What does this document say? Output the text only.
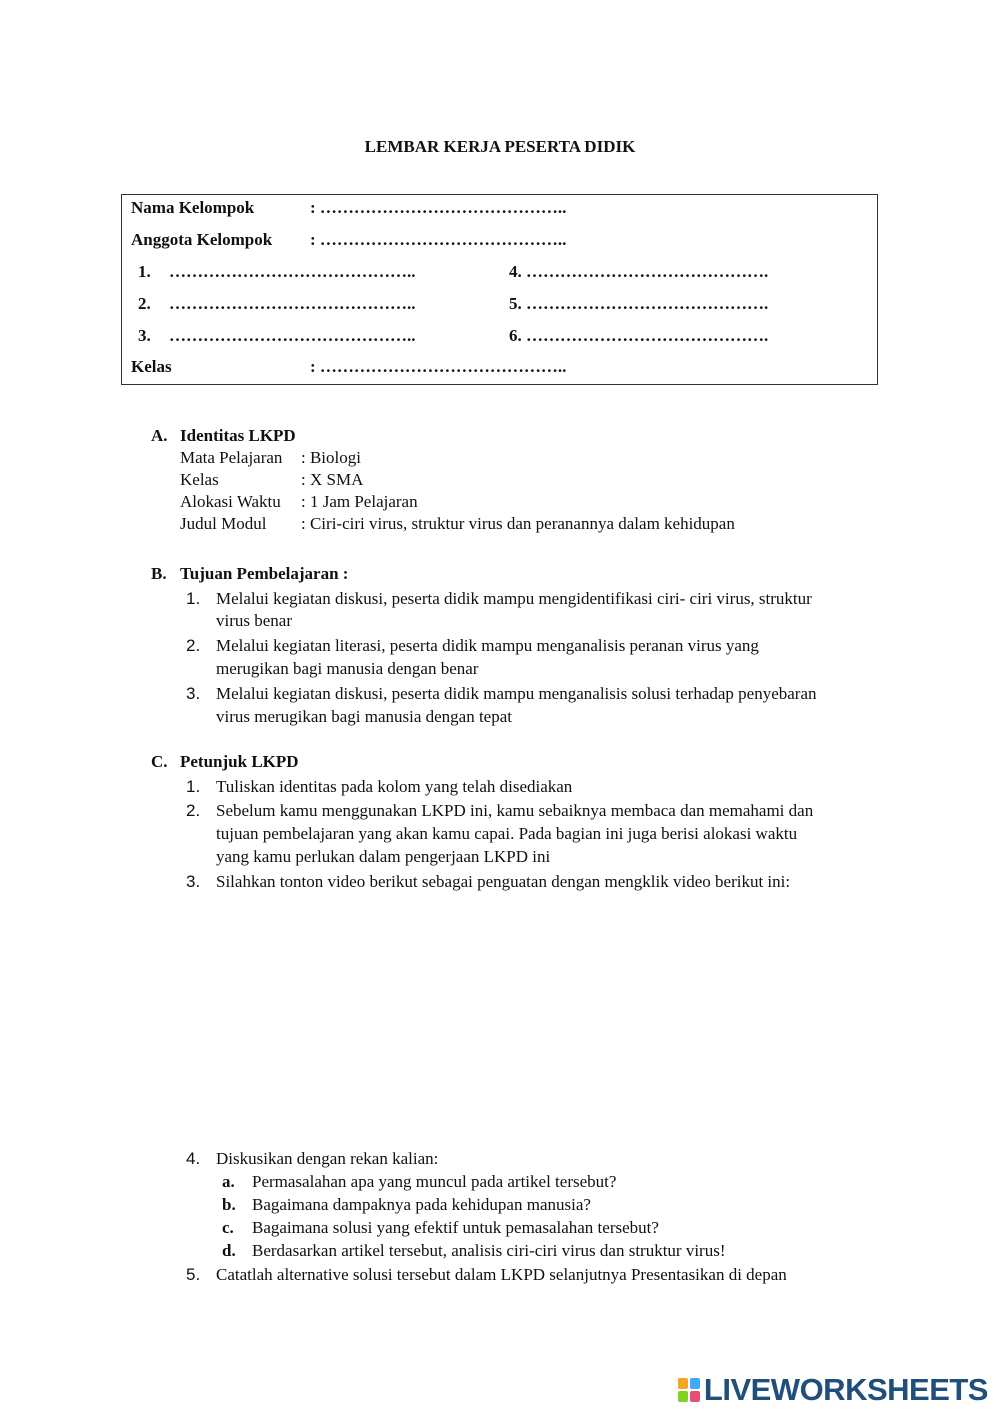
LEMBAR KERJA PESERTA DIDIK
Nama Kelompok	: ……………………………………..
Anggota Kelompok : ……………………………………..
1. ……………………………………..	4. …………………………………….
2. ……………………………………..	5. …………………………………….
3. ……………………………………..	6. …………………………………….
Kelas	: ……………………………………..
A. Identitas LKPD
Mata Pelajaran : Biologi
Kelas	: X SMA
Alokasi Waktu : 1 Jam Pelajaran
Judul Modul : Ciri-ciri virus, struktur virus dan peranannya dalam kehidupan
B. Tujuan Pembelajaran :
1. Melalui kegiatan diskusi, peserta didik mampu mengidentifikasi ciri- ciri virus, struktur
virus benar
2. Melalui kegiatan literasi, peserta didik mampu menganalisis peranan virus yang
merugikan bagi manusia dengan benar
3. Melalui kegiatan diskusi, peserta didik mampu menganalisis solusi terhadap penyebaran
virus merugikan bagi manusia dengan tepat
C. Petunjuk LKPD
1. Tuliskan identitas pada kolom yang telah disediakan
2. Sebelum kamu menggunakan LKPD ini, kamu sebaiknya membaca dan memahami dan
tujuan pembelajaran yang akan kamu capai. Pada bagian ini juga berisi alokasi waktu
yang kamu perlukan dalam pengerjaan LKPD ini
3. Silahkan tonton video berikut sebagai penguatan dengan mengklik video berikut ini:
4. Diskusikan dengan rekan kalian:
a. Permasalahan apa yang muncul pada artikel tersebut?
b. Bagaimana dampaknya pada kehidupan manusia?
c. Bagaimana solusi yang efektif untuk pemasalahan tersebut?
d. Berdasarkan artikel tersebut, analisis ciri-ciri virus dan struktur virus!
5. Catatlah alternative solusi tersebut dalam LKPD selanjutnya Presentasikan di depan
LIVEWORKSHEETS
